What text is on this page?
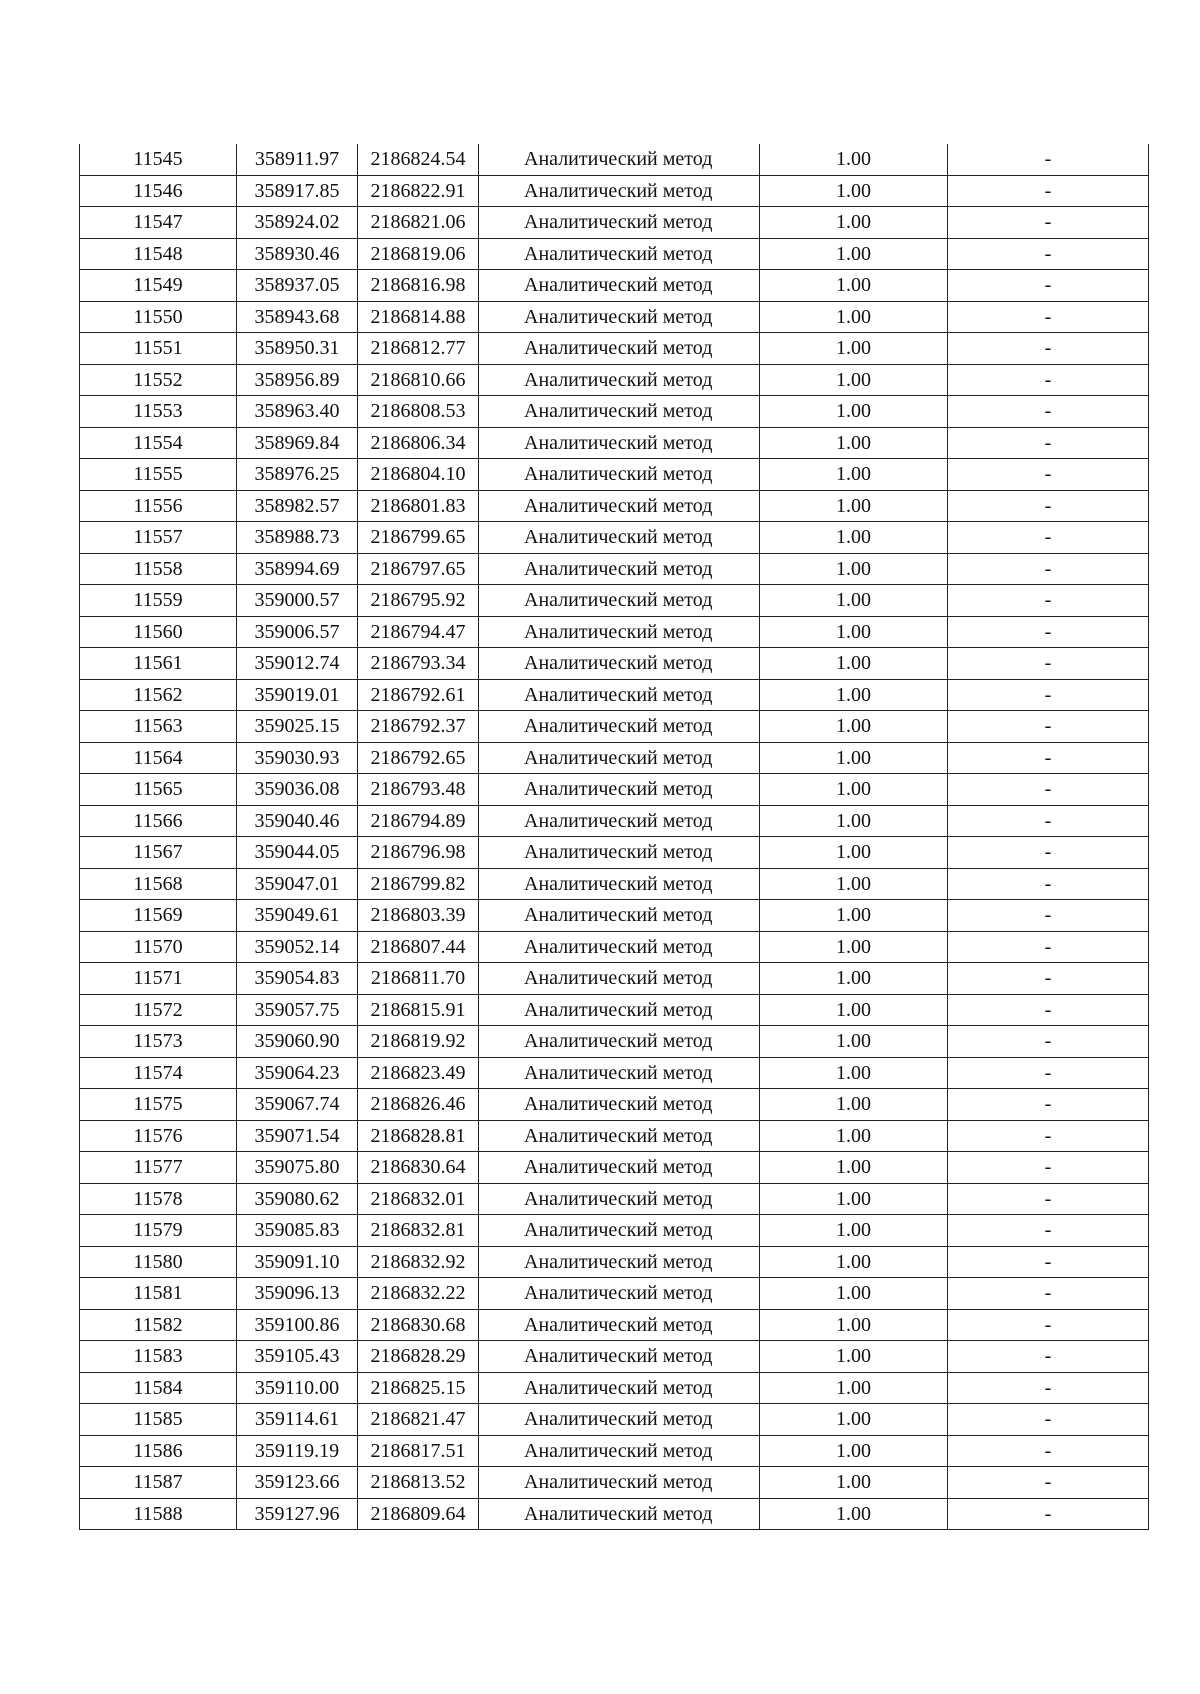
11545	358911.97	2186824.54	Аналитический метод	1.00	-
11546	358917.85	2186822.91	Аналитический метод	1.00	-
11547	358924.02	2186821.06	Аналитический метод	1.00	-
11548	358930.46	2186819.06	Аналитический метод	1.00	-
11549	358937.05	2186816.98	Аналитический метод	1.00	-
11550	358943.68	2186814.88	Аналитический метод	1.00	-
11551	358950.31	2186812.77	Аналитический метод	1.00	-
11552	358956.89	2186810.66	Аналитический метод	1.00	-
11553	358963.40	2186808.53	Аналитический метод	1.00	-
11554	358969.84	2186806.34	Аналитический метод	1.00	-
11555	358976.25	2186804.10	Аналитический метод	1.00	-
11556	358982.57	2186801.83	Аналитический метод	1.00	-
11557	358988.73	2186799.65	Аналитический метод	1.00	-
11558	358994.69	2186797.65	Аналитический метод	1.00	-
11559	359000.57	2186795.92	Аналитический метод	1.00	-
11560	359006.57	2186794.47	Аналитический метод	1.00	-
11561	359012.74	2186793.34	Аналитический метод	1.00	-
11562	359019.01	2186792.61	Аналитический метод	1.00	-
11563	359025.15	2186792.37	Аналитический метод	1.00	-
11564	359030.93	2186792.65	Аналитический метод	1.00	-
11565	359036.08	2186793.48	Аналитический метод	1.00	-
11566	359040.46	2186794.89	Аналитический метод	1.00	-
11567	359044.05	2186796.98	Аналитический метод	1.00	-
11568	359047.01	2186799.82	Аналитический метод	1.00	-
11569	359049.61	2186803.39	Аналитический метод	1.00	-
11570	359052.14	2186807.44	Аналитический метод	1.00	-
11571	359054.83	2186811.70	Аналитический метод	1.00	-
11572	359057.75	2186815.91	Аналитический метод	1.00	-
11573	359060.90	2186819.92	Аналитический метод	1.00	-
11574	359064.23	2186823.49	Аналитический метод	1.00	-
11575	359067.74	2186826.46	Аналитический метод	1.00	-
11576	359071.54	2186828.81	Аналитический метод	1.00	-
11577	359075.80	2186830.64	Аналитический метод	1.00	-
11578	359080.62	2186832.01	Аналитический метод	1.00	-
11579	359085.83	2186832.81	Аналитический метод	1.00	-
11580	359091.10	2186832.92	Аналитический метод	1.00	-
11581	359096.13	2186832.22	Аналитический метод	1.00	-
11582	359100.86	2186830.68	Аналитический метод	1.00	-
11583	359105.43	2186828.29	Аналитический метод	1.00	-
11584	359110.00	2186825.15	Аналитический метод	1.00	-
11585	359114.61	2186821.47	Аналитический метод	1.00	-
11586	359119.19	2186817.51	Аналитический метод	1.00	-
11587	359123.66	2186813.52	Аналитический метод	1.00	-
11588	359127.96	2186809.64	Аналитический метод	1.00	-
